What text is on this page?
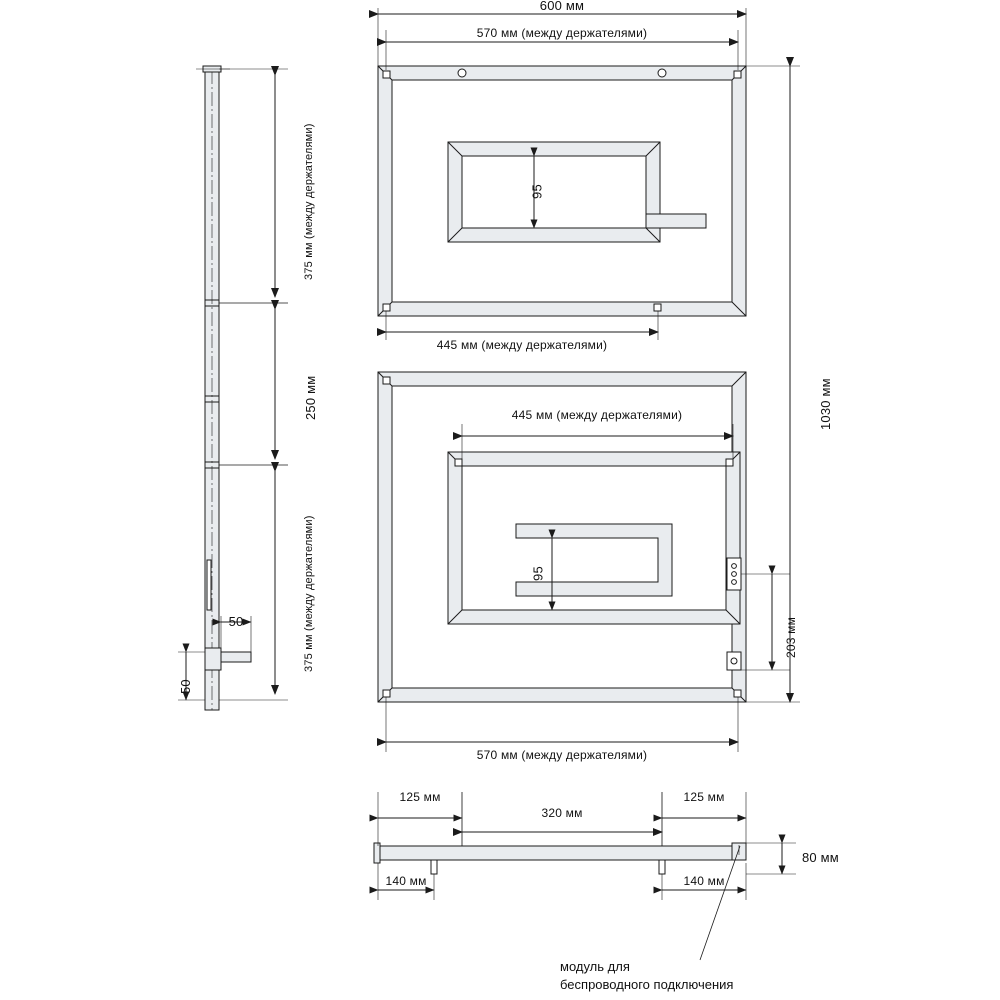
600 мм
570 мм (между держателями)
445 мм (между держателями)
445 мм (между держателями)
570 мм (между держателями)
95
95
1030 мм
203 мм
375 мм (между держателями)
250 мм
375 мм (между держателями)
50
50
125 мм
320 мм
125 мм
140 мм	140 мм
80 мм
модуль для
беспроводного подключения
